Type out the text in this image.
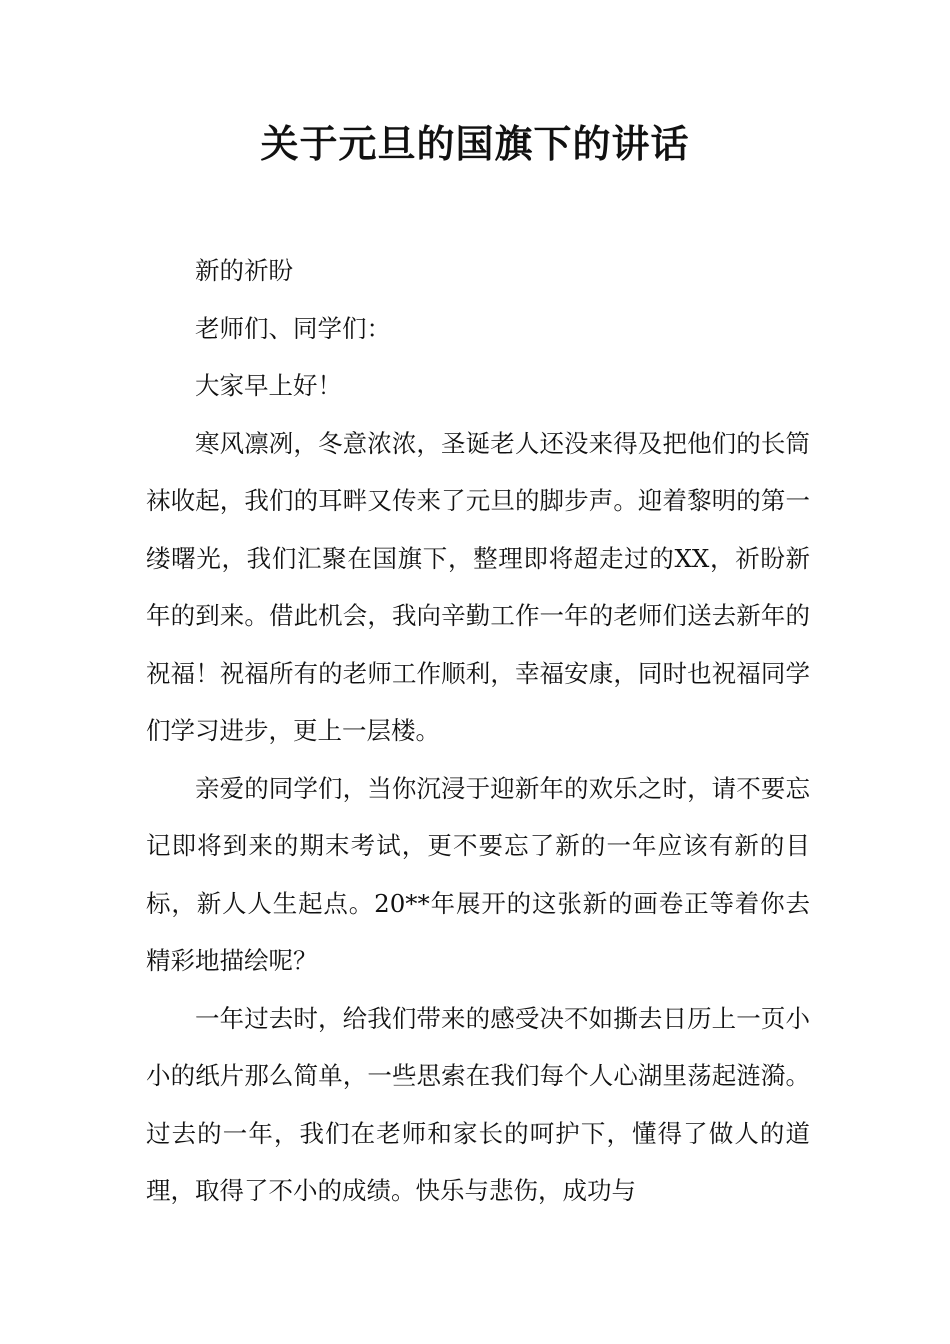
关于元旦的国旗下的讲话

新的祈盼

老师们、同学们：

大家早上好！

寒风凛冽，冬意浓浓，圣诞老人还没来得及把他们的长筒袜收起，我们的耳畔又传来了元旦的脚步声。迎着黎明的第一缕曙光，我们汇聚在国旗下，整理即将超走过的XX，祈盼新年的到来。借此机会，我向辛勤工作一年的老师们送去新年的祝福！祝福所有的老师工作顺利，幸福安康，同时也祝福同学们学习进步，更上一层楼。

亲爱的同学们，当你沉浸于迎新年的欢乐之时，请不要忘记即将到来的期末考试，更不要忘了新的一年应该有新的目标，新人人生起点。20**年展开的这张新的画卷正等着你去精彩地描绘呢？

一年过去时，给我们带来的感受决不如撕去日历上一页小小的纸片那么简单，一些思索在我们每个人心湖里荡起涟漪。过去的一年，我们在老师和家长的呵护下，懂得了做人的道理，取得了不小的成绩。快乐与悲伤，成功与
